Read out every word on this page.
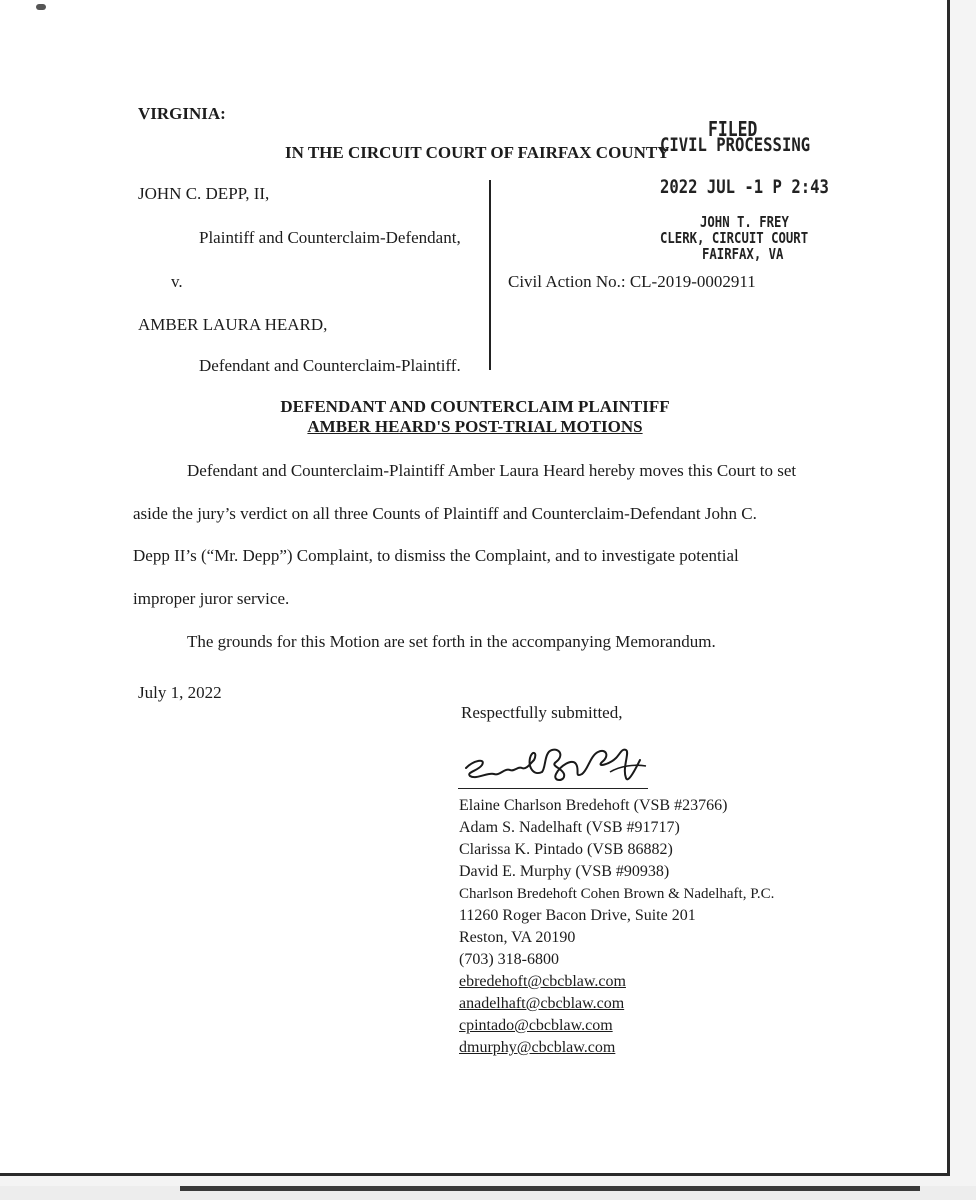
VIRGINIA:
IN THE CIRCUIT COURT OF FAIRFAX COUNTY
FILED
CIVIL PROCESSING
2022 JUL -1 P 2:43
JOHN T. FREY
CLERK, CIRCUIT COURT
FAIRFAX, VA
JOHN C. DEPP, II,
Plaintiff and Counterclaim-Defendant,
v.
AMBER LAURA HEARD,
Defendant and Counterclaim-Plaintiff.
Civil Action No.: CL-2019-0002911
DEFENDANT AND COUNTERCLAIM PLAINTIFF
AMBER HEARD'S POST-TRIAL MOTIONS
Defendant and Counterclaim-Plaintiff Amber Laura Heard hereby moves this Court to set
aside the jury’s verdict on all three Counts of Plaintiff and Counterclaim-Defendant John C.
Depp II’s (“Mr. Depp”) Complaint, to dismiss the Complaint, and to investigate potential
improper juror service.
The grounds for this Motion are set forth in the accompanying Memorandum.
July 1, 2022
Respectfully submitted,
Elaine Charlson Bredehoft (VSB #23766)
Adam S. Nadelhaft (VSB #91717)
Clarissa K. Pintado (VSB 86882)
David E. Murphy (VSB #90938)
Charlson Bredehoft Cohen Brown & Nadelhaft, P.C.
11260 Roger Bacon Drive, Suite 201
Reston, VA 20190
(703) 318-6800
ebredehoft@cbcblaw.com
anadelhaft@cbcblaw.com
cpintado@cbcblaw.com
dmurphy@cbcblaw.com
